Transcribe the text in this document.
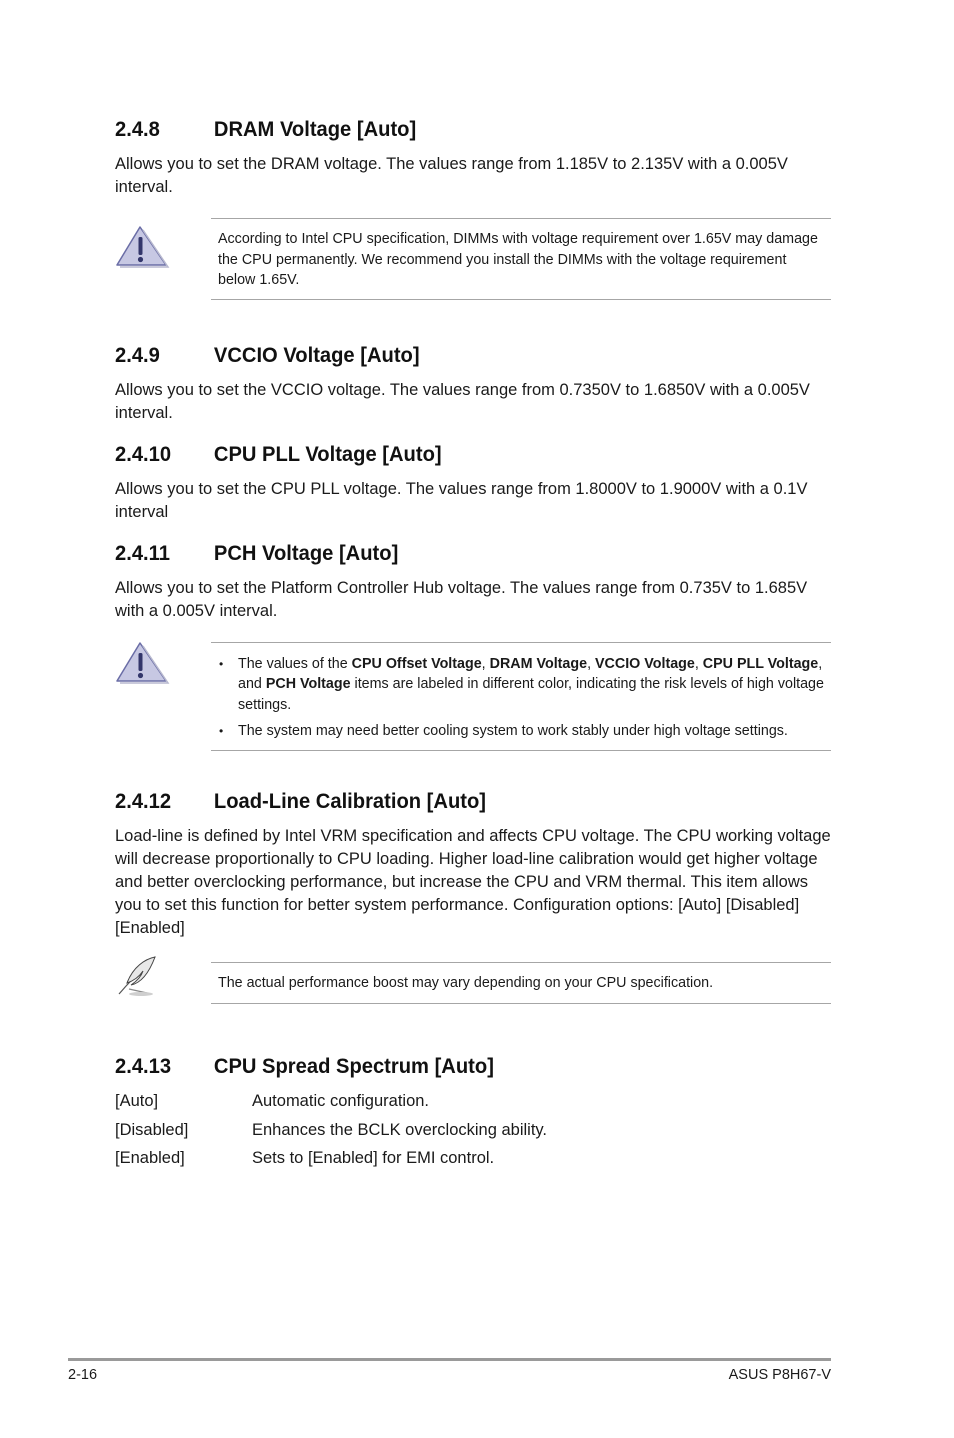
2.4.8	DRAM Voltage [Auto]

Allows you to set the DRAM voltage. The values range from 1.185V to 2.135V with a 0.005V interval.

According to Intel CPU specification, DIMMs with voltage requirement over 1.65V may damage the CPU permanently. We recommend you install the DIMMs with the voltage requirement below 1.65V.

2.4.9	VCCIO Voltage [Auto]

Allows you to set the VCCIO voltage. The values range from 0.7350V to 1.6850V with a 0.005V interval.

2.4.10 CPU PLL Voltage [Auto]

Allows you to set the CPU PLL voltage. The values range from 1.8000V to 1.9000V with a 0.1V interval

2.4.11 PCH Voltage [Auto]

Allows you to set the Platform Controller Hub voltage. The values range from 0.735V to 1.685V with a 0.005V interval.

• The values of the CPU Offset Voltage, DRAM Voltage, VCCIO Voltage, CPU PLL Voltage, and PCH Voltage items are labeled in different color, indicating the risk levels of high voltage settings.
• The system may need better cooling system to work stably under high voltage settings.
2.4.12 Load-Line Calibration [Auto]

Load-line is defined by Intel VRM specification and affects CPU voltage. The CPU working voltage will decrease proportionally to CPU loading. Higher load-line calibration would get higher voltage and better overclocking performance, but increase the CPU and VRM thermal. This item allows you to set this function for better system performance. Configuration options: [Auto] [Disabled] [Enabled]

The actual performance boost may vary depending on your CPU specification.

2.4.13 CPU Spread Spectrum [Auto]
[Auto]	Automatic configuration.
[Disabled]	Enhances the BCLK overclocking ability.
[Enabled]	Sets to [Enabled] for EMI control.
2-16	ASUS P8H67-V
